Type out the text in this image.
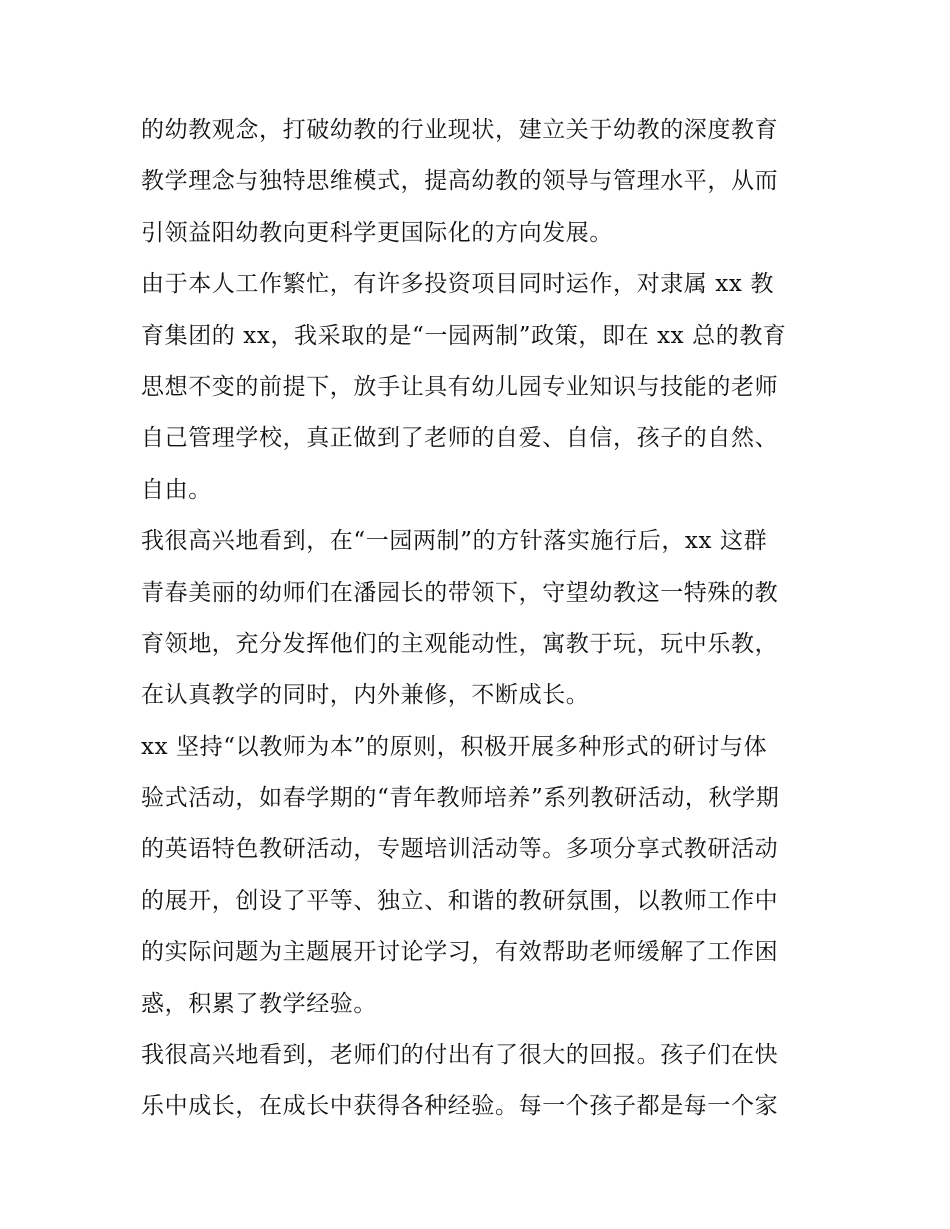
的幼教观念，打破幼教的行业现状，建立关于幼教的深度教育
教学理念与独特思维模式，提高幼教的领导与管理水平，从而
引领益阳幼教向更科学更国际化的方向发展。
由于本人工作繁忙，有许多投资项目同时运作，对隶属 xx 教
育集团的 xx，我采取的是“一园两制”政策，即在 xx 总的教育
思想不变的前提下，放手让具有幼儿园专业知识与技能的老师
自己管理学校，真正做到了老师的自爱、自信，孩子的自然、
自由。
我很高兴地看到，在“一园两制”的方针落实施行后，xx 这群
青春美丽的幼师们在潘园长的带领下，守望幼教这一特殊的教
育领地，充分发挥他们的主观能动性，寓教于玩，玩中乐教，
在认真教学的同时，内外兼修，不断成长。
xx 坚持“以教师为本”的原则，积极开展多种形式的研讨与体
验式活动，如春学期的“青年教师培养”系列教研活动，秋学期
的英语特色教研活动，专题培训活动等。多项分享式教研活动
的展开，创设了平等、独立、和谐的教研氛围，以教师工作中
的实际问题为主题展开讨论学习，有效帮助老师缓解了工作困
惑，积累了教学经验。
我很高兴地看到，老师们的付出有了很大的回报。孩子们在快
乐中成长，在成长中获得各种经验。每一个孩子都是每一个家
